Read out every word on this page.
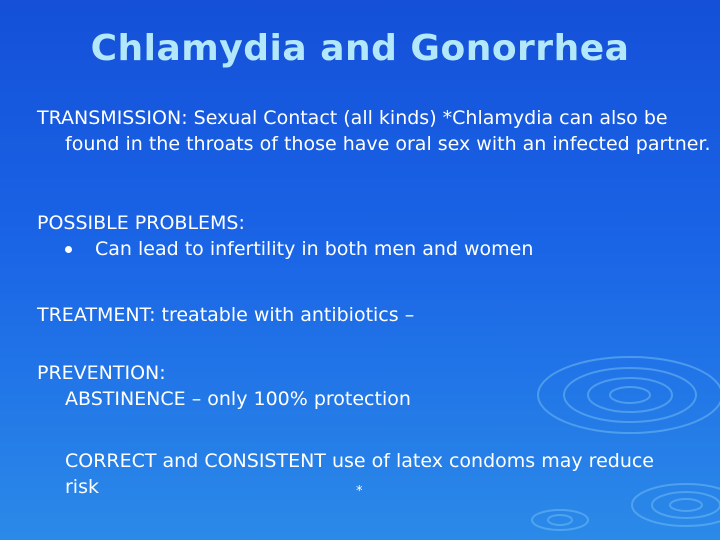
Chlamydia and Gonorrhea
TRANSMISSION: Sexual Contact (all kinds) *Chlamydia can also be found in the throats of those have oral sex with an infected partner.
POSSIBLE PROBLEMS:
Can lead to infertility in both men and women
TREATMENT: treatable with antibiotics –
PREVENTION:
ABSTINENCE – only 100% protection
CORRECT and CONSISTENT use of latex condoms may reduce risk	*
